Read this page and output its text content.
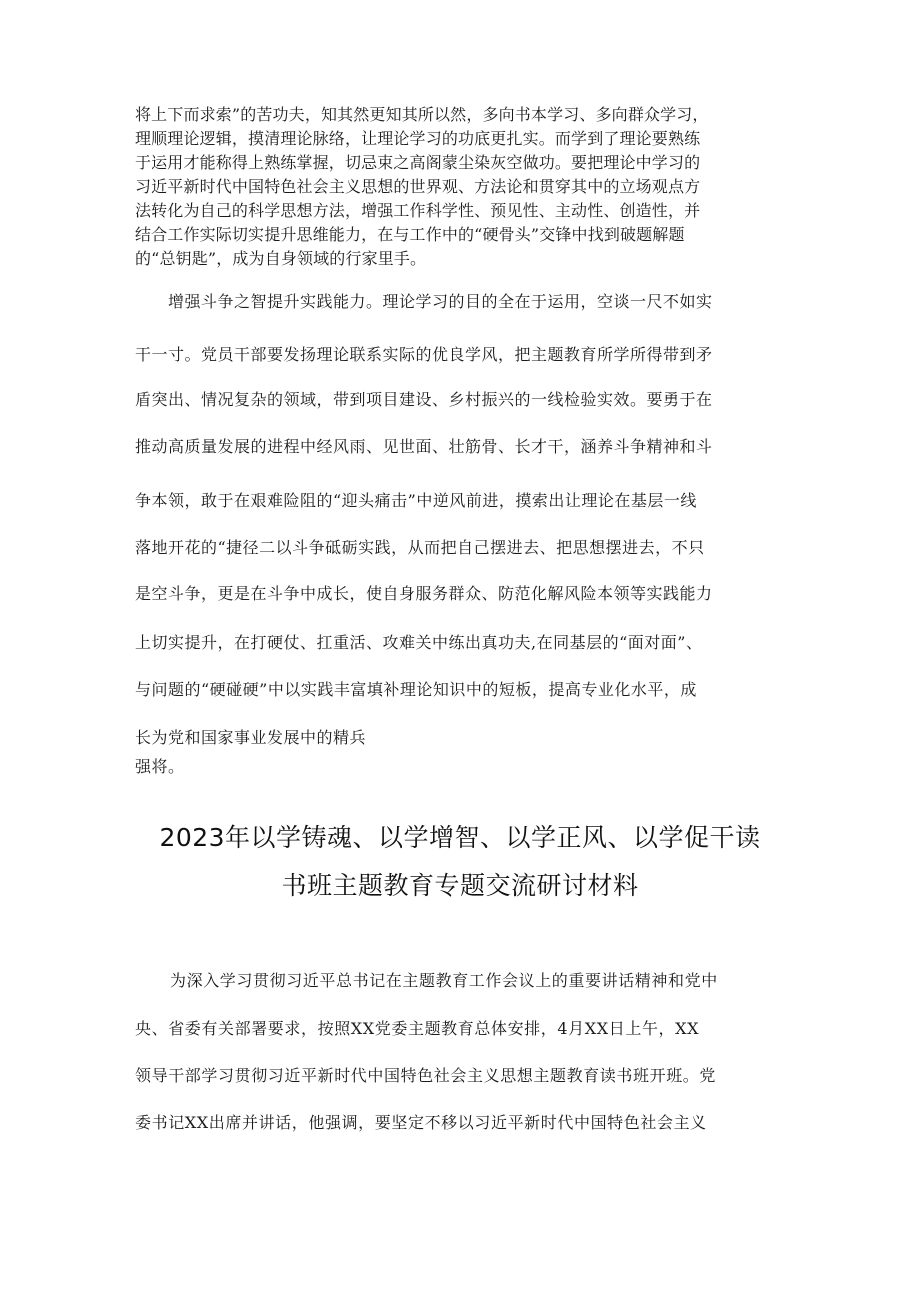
将上下而求索”的苦功夫，知其然更知其所以然，多向书本学习、多向群众学习，
理顺理论逻辑，摸清理论脉络，让理论学习的功底更扎实。而学到了理论要熟练
于运用才能称得上熟练掌握，切忌束之高阁蒙尘染灰空做功。要把理论中学习的
习近平新时代中国特色社会主义思想的世界观、方法论和贯穿其中的立场观点方
法转化为自己的科学思想方法，增强工作科学性、预见性、主动性、创造性，并
结合工作实际切实提升思维能力，在与工作中的“硬骨头”交锋中找到破题解题
的“总钥匙”，成为自身领域的行家里手。
增强斗争之智提升实践能力。理论学习的目的全在于运用，空谈一尺不如实
干一寸。党员干部要发扬理论联系实际的优良学风，把主题教育所学所得带到矛
盾突出、情况复杂的领域，带到项目建设、乡村振兴的一线检验实效。要勇于在
推动高质量发展的进程中经风雨、见世面、壮筋骨、长才干，涵养斗争精神和斗
争本领，敢于在艰难险阻的“迎头痛击”中逆风前进，摸索出让理论在基层一线
落地开花的“捷径二以斗争砥砺实践，从而把自己摆进去、把思想摆进去，不只
是空斗争，更是在斗争中成长，使自身服务群众、防范化解风险本领等实践能力
上切实提升，在打硬仗、扛重活、攻难关中练出真功夫,在同基层的“面对面”、
与问题的“硬碰硬”中以实践丰富填补理论知识中的短板，提高专业化水平，成
长为党和国家事业发展中的精兵
强将。
2023年以学铸魂、以学增智、以学正风、以学促干读
书班主题教育专题交流研讨材料
为深入学习贯彻习近平总书记在主题教育工作会议上的重要讲话精神和党中
央、省委有关部署要求，按照XX党委主题教育总体安排，4月XX日上午，XX
领导干部学习贯彻习近平新时代中国特色社会主义思想主题教育读书班开班。党
委书记XX出席并讲话，他强调，要坚定不移以习近平新时代中国特色社会主义
